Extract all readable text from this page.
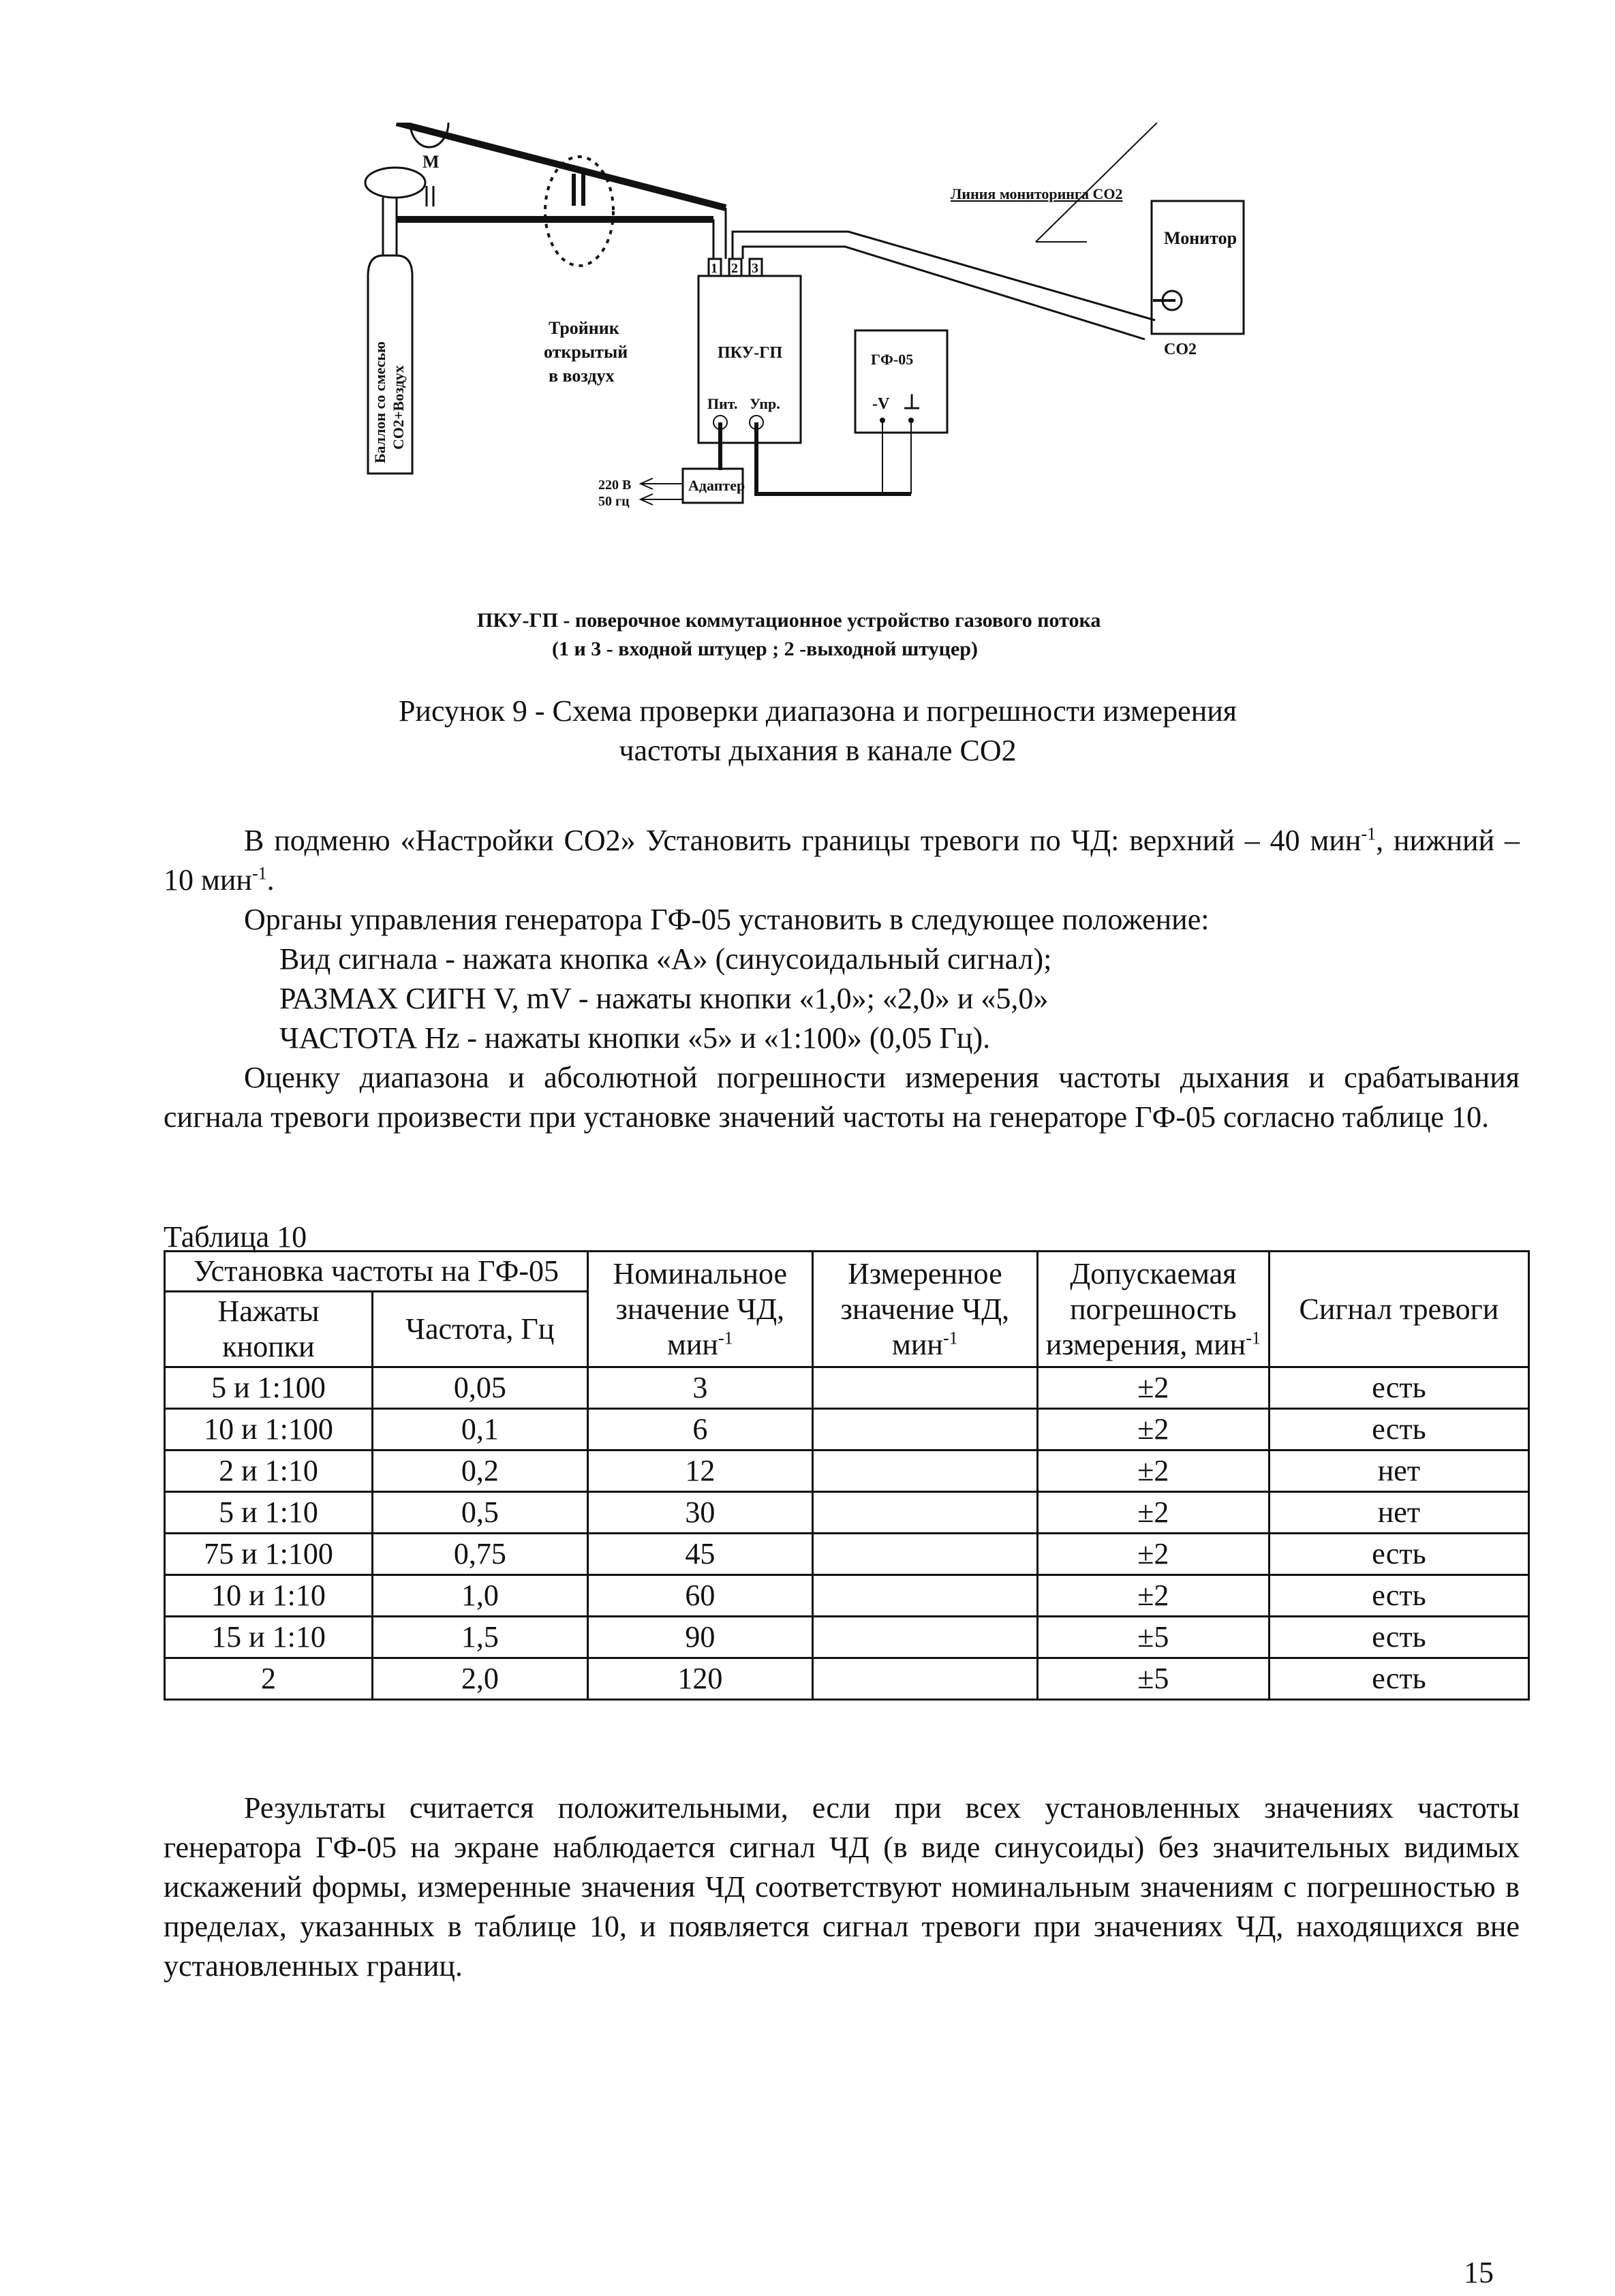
Баллон со смесью СО2+Воздух
М
Тройник
открытый
в воздух
1 2 3
ПКУ-ГП
Пит. Упр.
Линия мониторинга СО2
Монитор
СО2
ГФ-05
-V ⊥
Адаптер
220 В
50 гц
ПКУ-ГП - поверочное коммутационное устройство газового потока
(1 и 3 - входной штуцер ; 2 -выходной штуцер)
Рисунок 9 - Схема проверки диапазона и погрешности измерения
частоты дыхания в канале СО2

В подменю «Настройки СО2» Установить границы тревоги по ЧД: верхний – 40 мин$^{-1}$, нижний – 10 мин$^{-1}$.

Органы управления генератора ГФ-05 установить в следующее положение:

Вид сигнала - нажата кнопка «А» (синусоидальный сигнал);

РАЗМАХ СИГН V, mV - нажаты кнопки «1,0»; «2,0» и «5,0»

ЧАСТОТА Hz - нажаты кнопки «5» и «1:100» (0,05 Гц).

Оценку диапазона и абсолютной погрешности измерения частоты дыхания и срабатывания сигнала тревоги произвести при установке значений частоты на генераторе ГФ-05 согласно таблице 10.

Таблица 10
Установка частоты на ГФ-05		Номинальное значение ЧД, мин$^{-1}$	Измеренное значение ЧД, мин$^{-1}$	Допускаемая погрешность измерения, мин$^{-1}$	Сигнал тревоги
Нажаты кнопки	Частота, Гц				
5 и 1:100	0,05	3		±2	есть
10 и 1:100	0,1	6		±2	есть
2 и 1:10	0,2	12		±2	нет
5 и 1:10	0,5	30		±2	нет
75 и 1:100	0,75	45		±2	есть
10 и 1:10	1,0	60		±2	есть
15 и 1:10	1,5	90		±5	есть
2	2,0	120		±5	есть

Результаты считается положительными, если при всех установленных значениях частоты генератора ГФ-05 на экране наблюдается сигнал ЧД (в виде синусоиды) без значительных видимых искажений формы, измеренные значения ЧД соответствуют номинальным значениям с погрешностью в пределах, указанных в таблице 10, и появляется сигнал тревоги при значениях ЧД, находящихся вне установленных границ.

15
